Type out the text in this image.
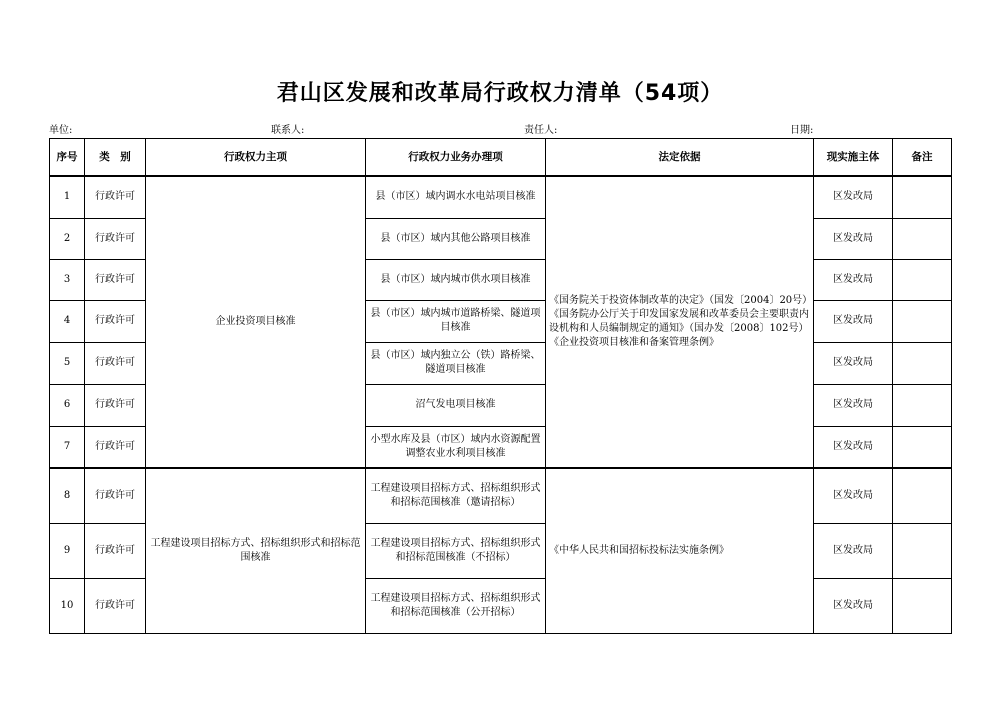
君山区发展和改革局行政权力清单（54项）
单位:	联系人:	责任人:	日期:
序号	类　别	行政权力主项	行政权力业务办理项	法定依据	现实施主体	备注
1	行政许可	企业投资项目核准	县（市区）域内调水水电站项目核准	《国务院关于投资体制改革的决定》（国发〔2004〕20号）
《国务院办公厅关于印发国家发展和改革委员会主要职责内设机构和人员编制规定的通知》（国办发〔2008〕102号）
《企业投资项目核准和备案管理条例》	区发改局	
2	行政许可		县（市区）域内其他公路项目核准		区发改局	
3	行政许可		县（市区）域内城市供水项目核准		区发改局	
4	行政许可		县（市区）域内城市道路桥梁、隧道项目核准		区发改局	
5	行政许可		县（市区）域内独立公（铁）路桥梁、隧道项目核准		区发改局	
6	行政许可		沼气发电项目核准		区发改局	
7	行政许可		小型水库及县（市区）域内水资源配置调整农业水利项目核准		区发改局	
8	行政许可	工程建设项目招标方式、招标组织形式和招标范围核准	工程建设项目招标方式、招标组织形式和招标范围核准（邀请招标）	《中华人民共和国招标投标法实施条例》	区发改局	
9	行政许可		工程建设项目招标方式、招标组织形式和招标范围核准（不招标）		区发改局	
10	行政许可		工程建设项目招标方式、招标组织形式和招标范围核准（公开招标）		区发改局	
